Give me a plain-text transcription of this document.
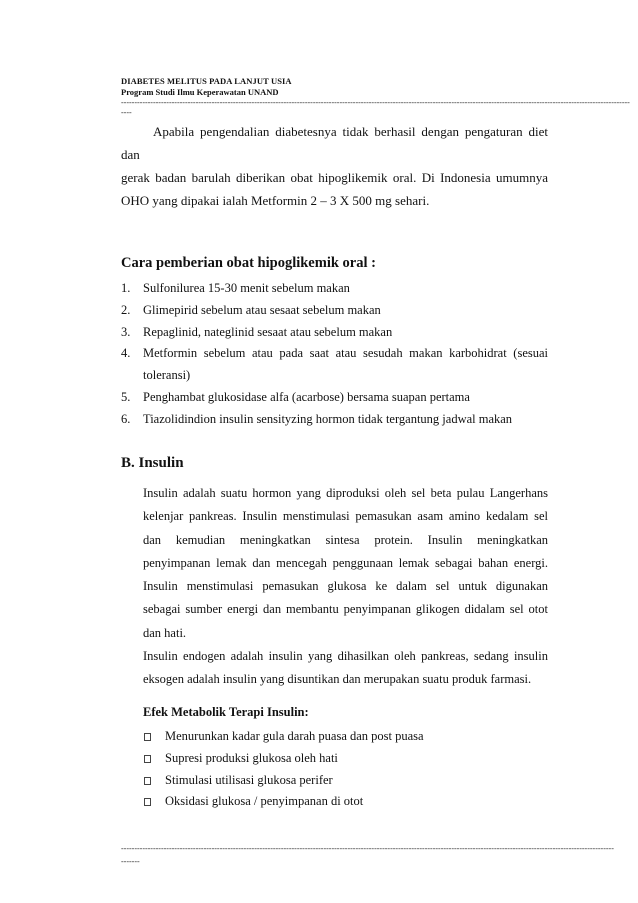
DIABETES MELITUS PADA LANJUT USIA
Program Studi Ilmu Keperawatan UNAND
-----------------------------------------------------------------------------------------------------------------------------------------------------------------------------------------------
----
Apabila pengendalian diabetesnya tidak berhasil dengan pengaturan diet dan
gerak badan barulah diberikan obat hipoglikemik oral. Di Indonesia umumnya
OHO yang dipakai ialah Metformin 2 – 3 X 500 mg sehari.
Cara pemberian obat hipoglikemik oral :
1. Sulfonilurea 15-30 menit sebelum makan
2. Glimepirid sebelum atau sesaat sebelum makan
3. Repaglinid, nateglinid sesaat atau sebelum makan
4. Metformin sebelum atau pada saat atau sesudah makan karbohidrat (sesuai
toleransi)
5. Penghambat glukosidase alfa (acarbose) bersama suapan pertama
6. Tiazolidindion insulin sensityzing hormon tidak tergantung jadwal makan
B. Insulin
Insulin adalah suatu hormon yang diproduksi oleh sel beta pulau Langerhans
kelenjar pankreas. Insulin menstimulasi pemasukan asam amino kedalam sel
dan kemudian meningkatkan sintesa protein. Insulin meningkatkan
penyimpanan lemak dan mencegah penggunaan lemak sebagai bahan energi.
Insulin menstimulasi pemasukan glukosa ke dalam sel untuk digunakan
sebagai sumber energi dan membantu penyimpanan glikogen didalam sel otot
dan hati.
Insulin endogen adalah insulin yang dihasilkan oleh pankreas, sedang insulin
eksogen adalah insulin yang disuntikan dan merupakan suatu produk farmasi.
Efek Metabolik Terapi Insulin:
Menurunkan kadar gula darah puasa dan post puasa
Supresi produksi glukosa oleh hati
Stimulasi utilisasi glukosa perifer
Oksidasi glukosa / penyimpanan di otot
-----------------------------------------------------------------------------------------------------------------------------------------------------------------------------------------
-------
